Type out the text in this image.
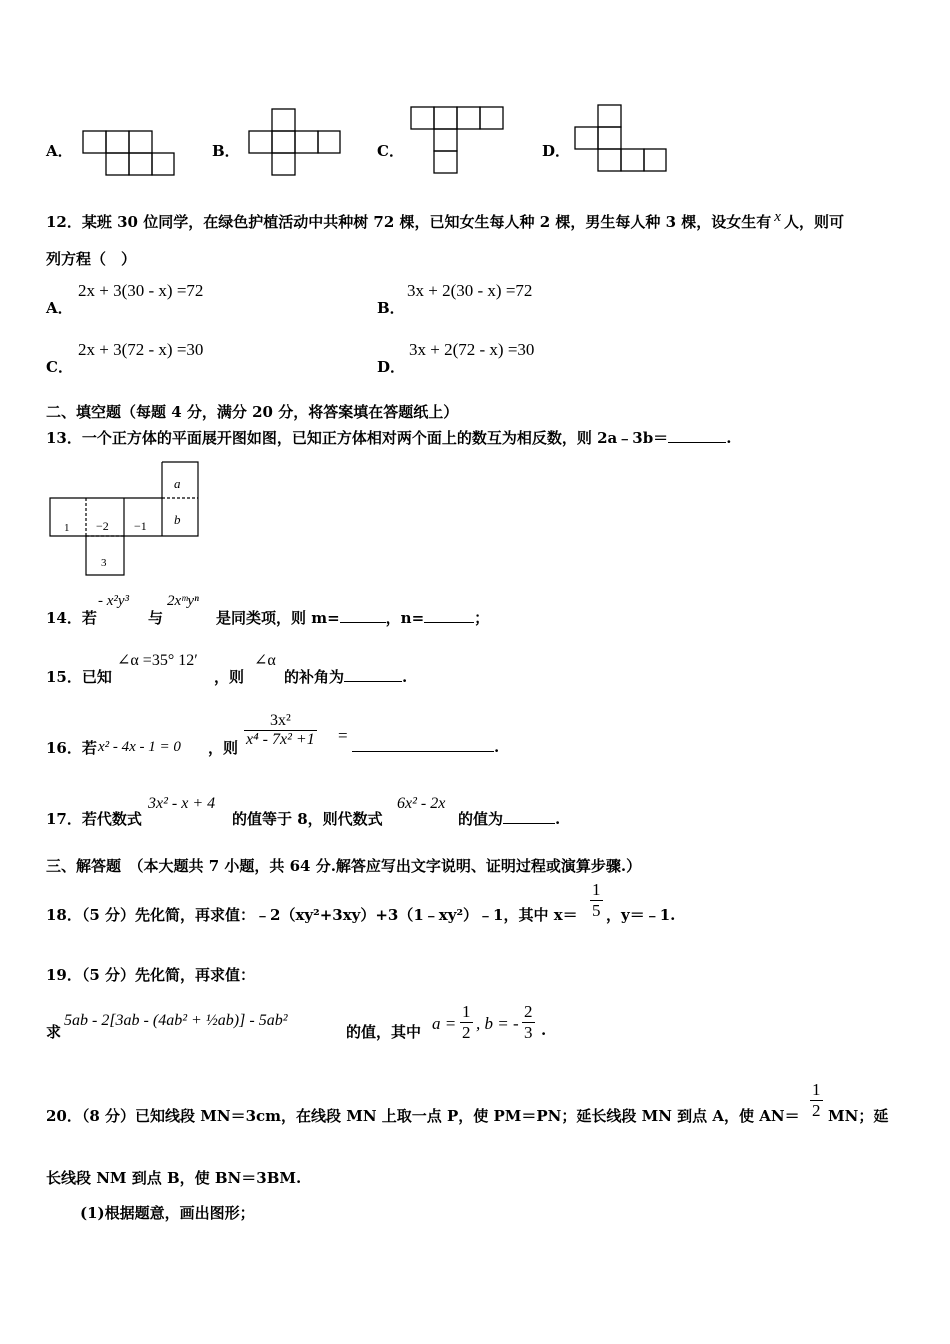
A．	B．	C．	D．
12．某班 30 位同学，在绿色护植活动中共种树 72 棵，已知女生每人种 2 棵，男生每人种 3 棵，设女生有 x 人，则可
列方程（　）
A．
2x + 3(30 - x) =72
B．
3x + 2(30 - x) =72
C．
2x + 3(72 - x) =30
D．
3x + 2(72 - x) =30
二、填空题（每题 4 分，满分 20 分，将答案填在答题纸上）
13．一个正方体的平面展开图如图，已知正方体相对两个面上的数互为相反数，则 2a﹣3b＝	.
a
b
1 −2 −1
3
14．若
- x²y³
与
2xᵐyⁿ
是同类项，则 m=	，n=	；
15．已知
∠α =35° 12′
，则
∠α
的补角为	.
16．若 x² - 4x - 1 = 0 ，则 $\frac{\text{3x²}}{\text{x⁴ - 7x² +1}}$ =
.
17．若代数式
3x² - x + 4
的值等于 8，则代数式
6x² - 2x
的值为	.
三、解答题　（本大题共 7 小题，共 64 分.解答应写出文字说明、证明过程或演算步骤.）
18．（5 分）先化简，再求值：﹣2（xy²+3xy）+3（1﹣xy²）﹣1，其中 $x= \frac{1}{5}$ ，y＝﹣1.
19．（5 分）先化简，再求值：
求
5ab - 2[3ab - (4ab² + ½ab)] - 5ab²
的值，其中 $a = \frac{1}{2}$ , b = - $\frac{2}{3}$ .
20．（8 分）已知线段 MN＝3cm，在线段 MN 上取一点 P，使 PM＝PN；延长线段 MN 到点 A，使 $AN= \frac{1}{2}$ MN；延
长线段 NM 到点 B，使 BN＝3BM.
(1)根据题意，画出图形；
